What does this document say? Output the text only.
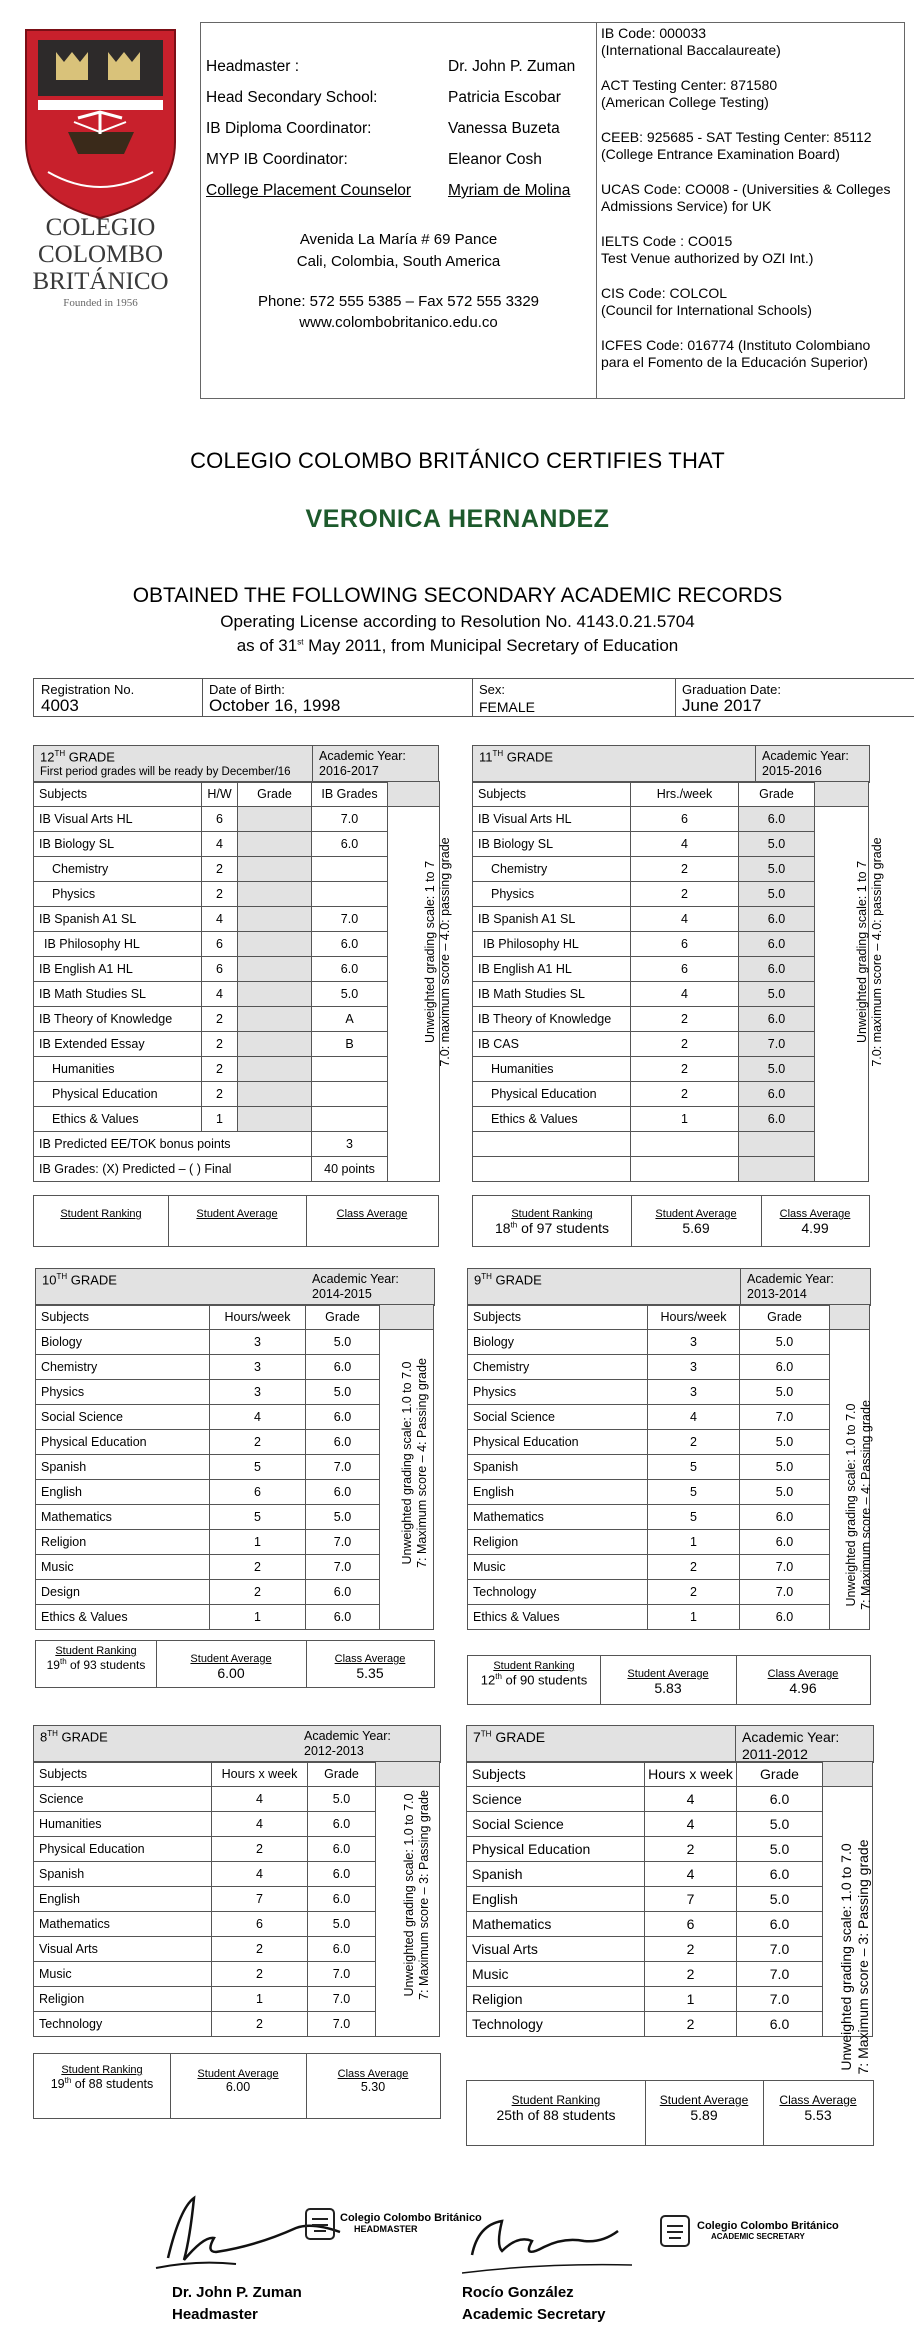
COLEGIO
COLOMBO
BRITÁNICO
Founded in 1956
Headmaster :	Dr. John P. Zuman
Head Secondary School:	Patricia Escobar
IB Diploma Coordinator:	Vanessa Buzeta
MYP IB Coordinator:	Eleanor Cosh
College Placement Counselor Myriam de Molina
Avenida La María # 69 Pance
Cali, Colombia, South America
Phone: 572 555 5385 – Fax 572 555 3329
www.colombobritanico.edu.co
IB Code: 000033
(International Baccalaureate)
ACT Testing Center: 871580
(American College Testing)
CEEB: 925685 - SAT Testing Center: 85112
(College Entrance Examination Board)
UCAS Code: CO008 - (Universities & Colleges
Admissions Service) for UK
IELTS Code : CO015
Test Venue authorized by OZI Int.)
CIS Code: COLCOL
(Council for International Schools)
ICFES Code: 016774 (Instituto Colombiano
para el Fomento de la Educación Superior)
COLEGIO COLOMBO BRITÁNICO CERTIFIES THAT
VERONICA HERNANDEZ
OBTAINED THE FOLLOWING SECONDARY ACADEMIC RECORDS
Operating License according to Resolution No. 4143.0.21.5704
as of 31st May 2011, from Municipal Secretary of Education
Registration No.
4003
Date of Birth:
October 16, 1998
Sex:
FEMALE
Graduation Date:
June 2017
12TH GRADE
First period grades will be ready by December/16
Academic Year:
2016-2017
Subjects	H/W	Grade	IB Grades	
IB Visual Arts HL	6		7.0	
IB Biology SL	4		6.0	
Chemistry	2			
Physics	2			
IB Spanish A1 SL	4		7.0	
IB Philosophy HL	6		6.0	
IB English A1 HL	6		6.0	
IB Math Studies SL	4		5.0	
IB Theory of Knowledge	2		A	
IB Extended Essay	2		B	
Humanities	2			
Physical Education	2			
Ethics & Values	1			
IB Predicted EE/TOK bonus points			3	
IB Grades: (X) Predicted – ( ) Final			40 points	
Unweighted grading scale: 1 to 7 7.0: maximum score – 4.0: passing grade
Student Ranking	Student Average	Class Average
11TH GRADE	Academic Year:
2015-2016
Subjects	Hrs./week	Grade	
IB Visual Arts HL	6	6.0	
IB Biology SL	4	5.0	
Chemistry	2	5.0	
Physics	2	5.0	
IB Spanish A1 SL	4	6.0	
IB Philosophy HL	6	6.0	
IB English A1 HL	6	6.0	
IB Math Studies SL	4	5.0	
IB Theory of Knowledge	2	6.0	
IB CAS	2	7.0	
Humanities	2	5.0	
Physical Education	2	6.0	
Ethics & Values	1	6.0	

Unweighted grading scale: 1 to 7 7.0: maximum score – 4.0: passing grade
Student Ranking
18th of 97 students
Student Average
5.69
Class Average
4.99
10TH GRADE	Academic Year:
2014-2015
Subjects	Hours/week	Grade	
Biology	3	5.0	
Chemistry	3	6.0	
Physics	3	5.0	
Social Science	4	6.0	
Physical Education	2	6.0	
Spanish	5	7.0	
English	6	6.0	
Mathematics	5	5.0	
Religion	1	7.0	
Music	2	7.0	
Design	2	6.0	
Ethics & Values	1	6.0	
Unweighted grading scale: 1.0 to 7.0 7: Maximum score – 4: Passing grade
Student Ranking
19th of 93 students	Student Average
6.00
Class Average
5.35
9TH GRADE	Academic Year:
2013-2014
Subjects	Hours/week	Grade	
Biology	3	5.0	
Chemistry	3	6.0	
Physics	3	5.0	
Social Science	4	7.0	
Physical Education	2	5.0	
Spanish	5	5.0	
English	5	5.0	
Mathematics	5	6.0	
Religion	1	6.0	
Music	2	7.0	
Technology	2	7.0	
Ethics & Values	1	6.0	
Unweighted grading scale: 1.0 to 7.0 7: Maximum score – 4: Passing grade
Student Ranking
12th of 90 students	Student Average
5.83
Class Average
4.96
8TH GRADE	Academic Year:
2012-2013
Subjects	Hours x week	Grade	
Science	4	5.0	
Humanities	4	6.0	
Physical Education	2	6.0	
Spanish	4	6.0	
English	7	6.0	
Mathematics	6	5.0	
Visual Arts	2	6.0	
Music	2	7.0	
Religion	1	7.0	
Technology	2	7.0	
Unweighted grading scale: 1.0 to 7.0 7: Maximum score – 3: Passing grade
Student Ranking
19th of 88 students
Student Average
6.00
Class Average
5.30
7TH GRADE	Academic Year:
2011-2012
Subjects	Hours x week	Grade	
Science	4	6.0	
Social Science	4	5.0	
Physical Education	2	5.0	
Spanish	4	6.0	
English	7	5.0	
Mathematics	6	6.0	
Visual Arts	2	7.0	
Music	2	7.0	
Religion	1	7.0	
Technology	2	6.0		Unweighted grading scale: 1.0 to 7.0 7: Maximum score – 3: Passing grade
Student Ranking
25th of 88 students
Student Average
5.89
Class Average
5.53
Colegio Colombo Británico
HEADMASTER
Dr. John P. Zuman
Headmaster
Colegio Colombo Británico
ACADEMIC SECRETARY
Rocío González
Academic Secretary
